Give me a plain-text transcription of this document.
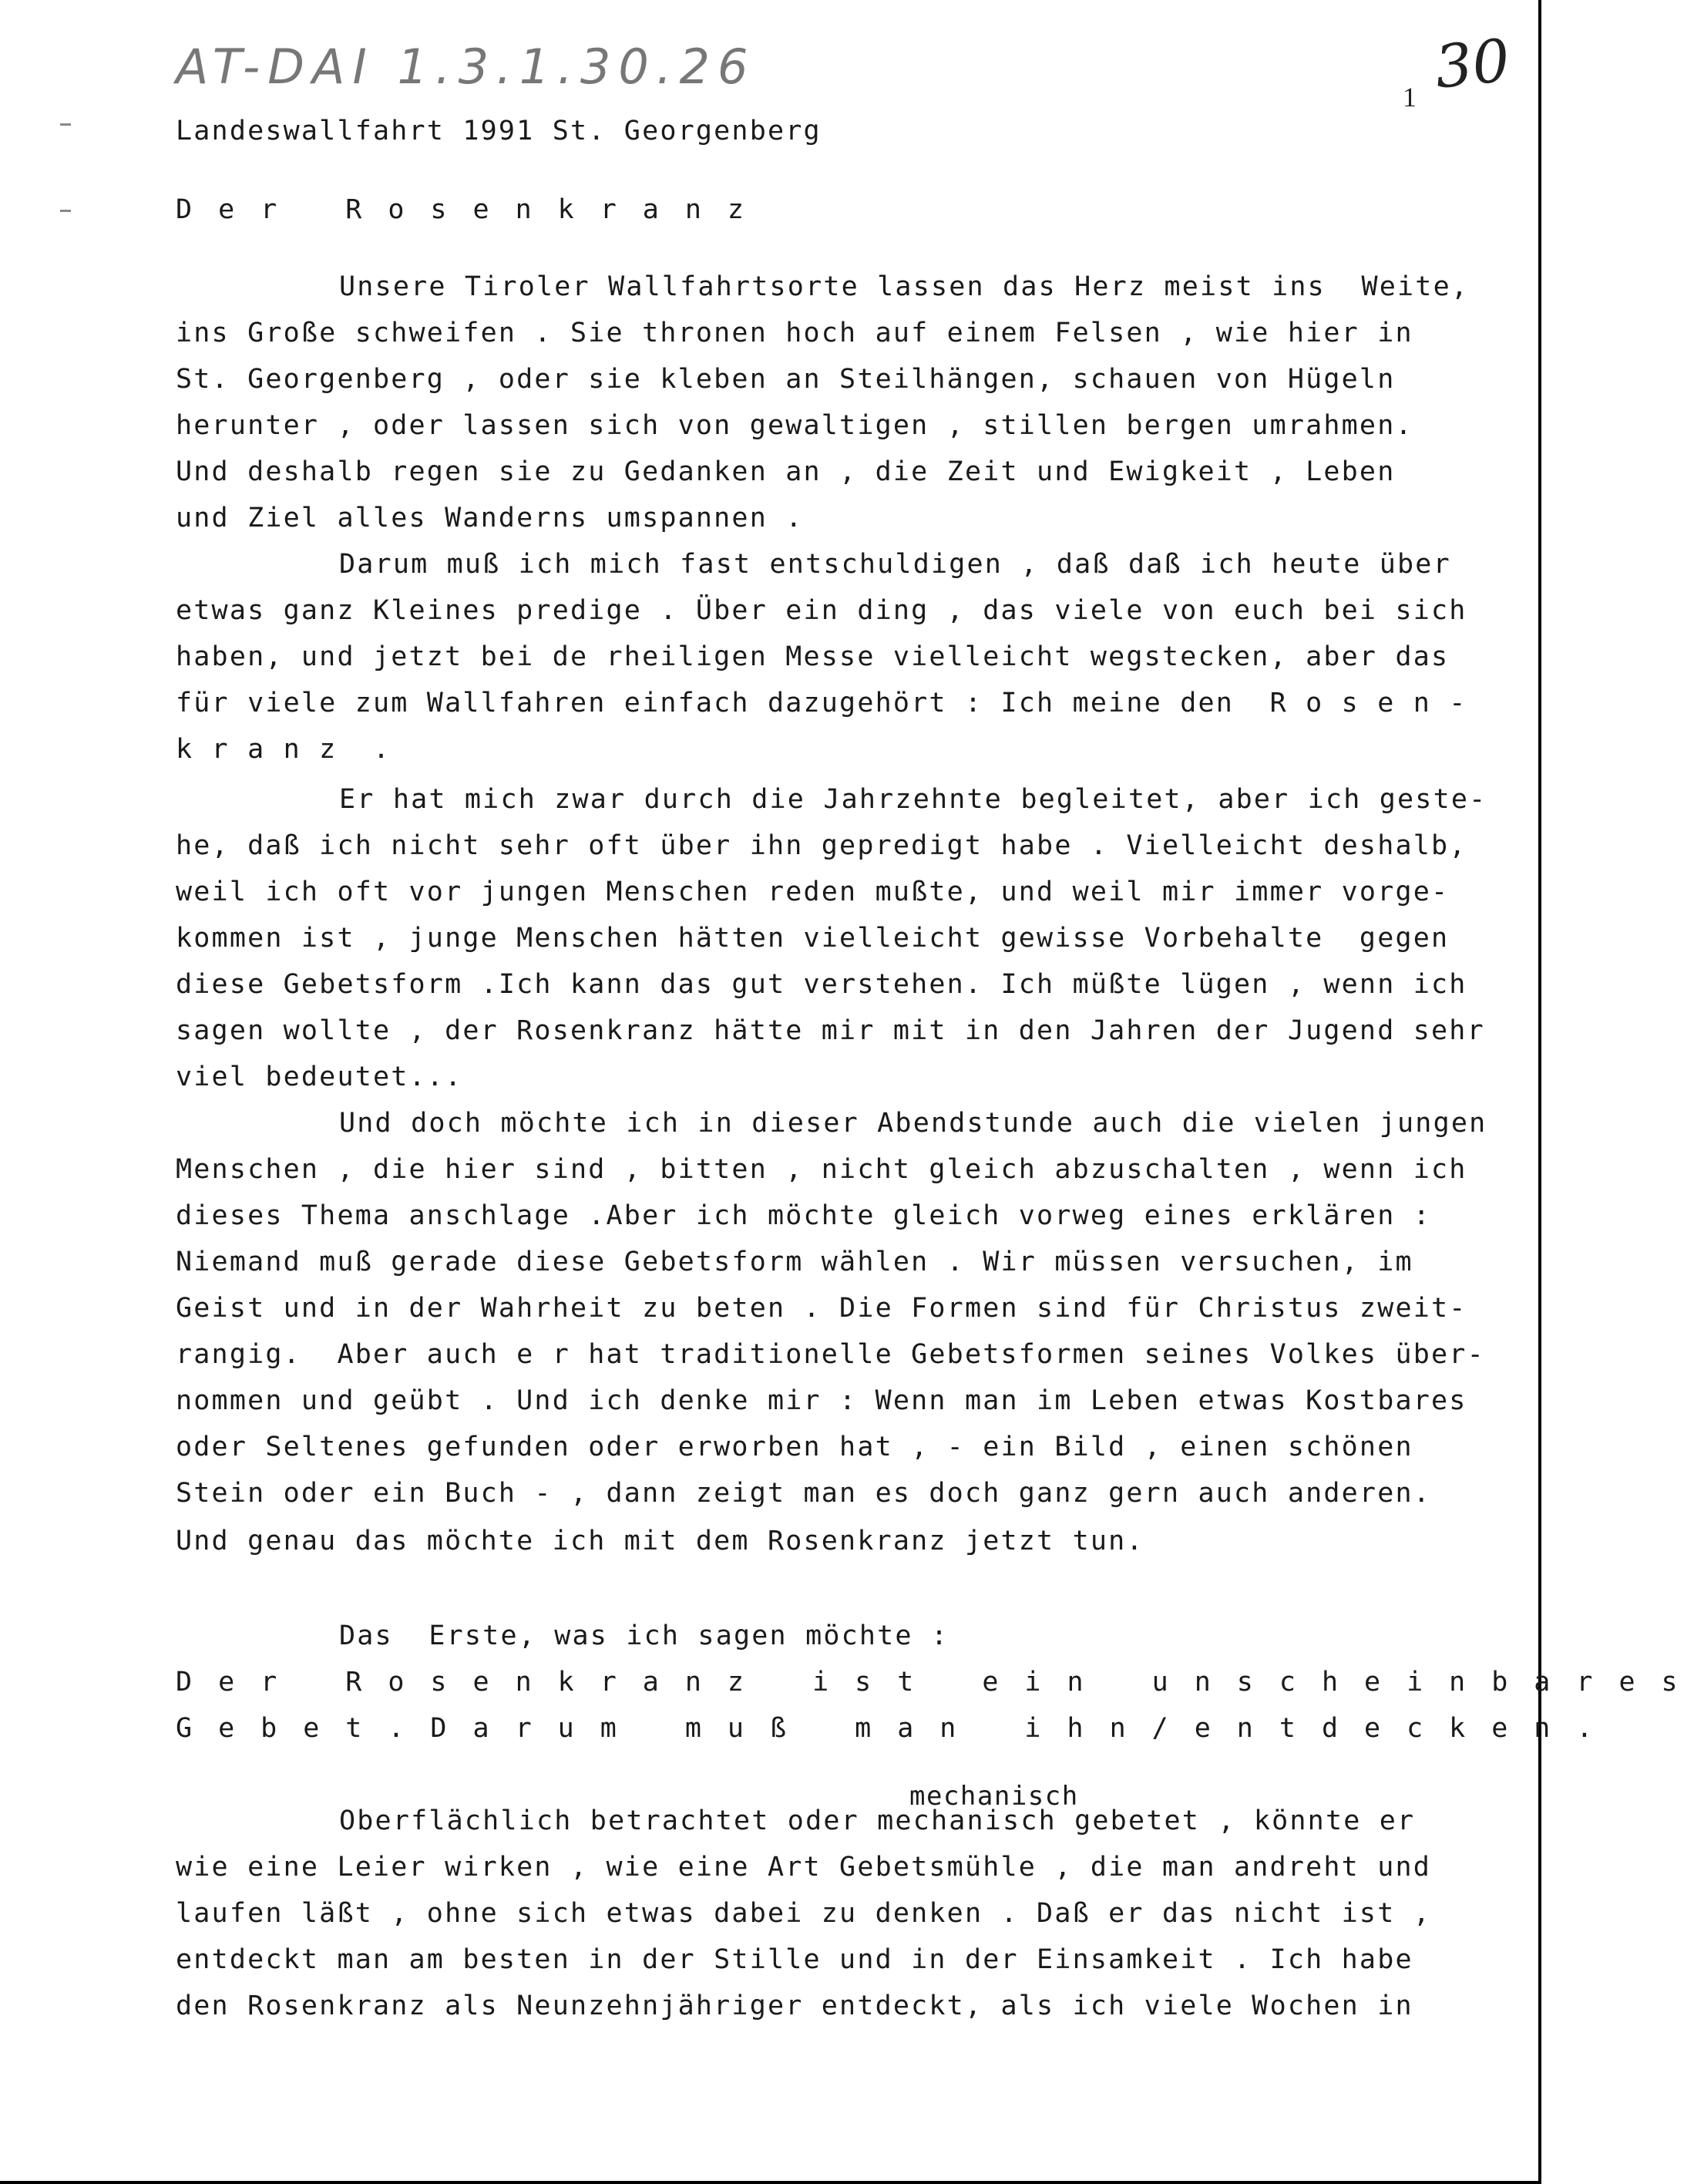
AT-DAI 1.3.1.30.26	30
1
Landeswallfahrt 1991 St. Georgenberg
Der Rosenkranz
Unsere Tiroler Wallfahrtsorte lassen das Herz meist ins  Weite,
ins Große schweifen . Sie thronen hoch auf einem Felsen , wie hier in
St. Georgenberg , oder sie kleben an Steilhängen, schauen von Hügeln
herunter , oder lassen sich von gewaltigen , stillen bergen umrahmen.
Und deshalb regen sie zu Gedanken an , die Zeit und Ewigkeit , Leben
und Ziel alles Wanderns umspannen .
Darum muß ich mich fast entschuldigen , daß daß ich heute über
etwas ganz Kleines predige . Über ein ding , das viele von euch bei sich
haben, und jetzt bei de rheiligen Messe vielleicht wegstecken, aber das
für viele zum Wallfahren einfach dazugehört : Ich meine den  R o s e n -
k r a n z  .
Er hat mich zwar durch die Jahrzehnte begleitet, aber ich geste-
he, daß ich nicht sehr oft über ihn gepredigt habe . Vielleicht deshalb,
weil ich oft vor jungen Menschen reden mußte, und weil mir immer vorge-
kommen ist , junge Menschen hätten vielleicht gewisse Vorbehalte  gegen
diese Gebetsform .Ich kann das gut verstehen. Ich müßte lügen , wenn ich
sagen wollte , der Rosenkranz hätte mir mit in den Jahren der Jugend sehr
viel bedeutet...
Und doch möchte ich in dieser Abendstunde auch die vielen jungen
Menschen , die hier sind , bitten , nicht gleich abzuschalten , wenn ich
dieses Thema anschlage .Aber ich möchte gleich vorweg eines erklären :
Niemand muß gerade diese Gebetsform wählen . Wir müssen versuchen, im
Geist und in der Wahrheit zu beten . Die Formen sind für Christus zweit-
rangig.  Aber auch e r hat traditionelle Gebetsformen seines Volkes über-
nommen und geübt . Und ich denke mir : Wenn man im Leben etwas Kostbares
oder Seltenes gefunden oder erworben hat , - ein Bild , einen schönen
Stein oder ein Buch - , dann zeigt man es doch ganz gern auch anderen.
Und genau das möchte ich mit dem Rosenkranz jetzt tun.
Das  Erste, was ich sagen möchte :
Der Rosenkranz ist ein unscheinbares
Gebet.Darum muß man ihn/entdecken.
mechanisch
Oberflächlich betrachtet oder mechanisch gebetet , könnte er
wie eine Leier wirken , wie eine Art Gebetsmühle , die man andreht und
laufen läßt , ohne sich etwas dabei zu denken . Daß er das nicht ist ,
entdeckt man am besten in der Stille und in der Einsamkeit . Ich habe
den Rosenkranz als Neunzehnjähriger entdeckt, als ich viele Wochen in
